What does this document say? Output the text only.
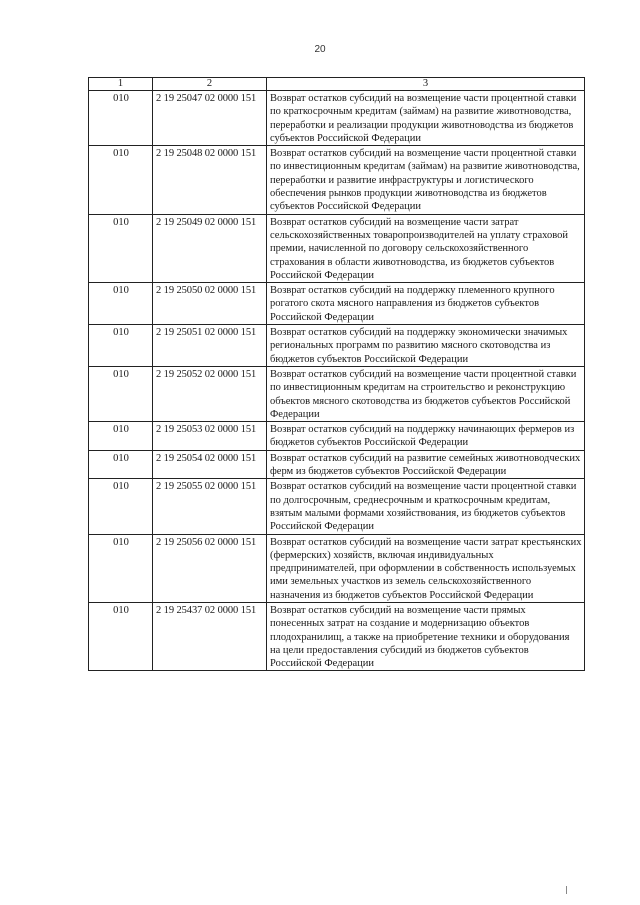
20
1	2	3
010	2 19 25047 02 0000 151	Возврат остатков субсидий на возмещение части процентной ставки по краткосрочным кредитам (займам) на развитие животноводства, переработки и реализации продукции животноводства из бюджетов субъектов Российской Федерации
010	2 19 25048 02 0000 151	Возврат остатков субсидий на возмещение части процентной ставки по инвестиционным кредитам (займам) на развитие животноводства, переработки и развитие инфраструктуры и логистического обеспечения рынков продукции животноводства из бюджетов субъектов Российской Федерации
010	2 19 25049 02 0000 151	Возврат остатков субсидий на возмещение части затрат сельскохозяйственных товаропроизводителей на уплату страховой премии, начисленной по договору сельскохозяйственного страхования в области животноводства, из бюджетов субъектов Российской Федерации
010	2 19 25050 02 0000 151	Возврат остатков субсидий на поддержку племенного крупного рогатого скота мясного направления из бюджетов субъектов Российской Федерации
010	2 19 25051 02 0000 151	Возврат остатков субсидий на поддержку экономически значимых региональных программ по развитию мясного скотоводства из бюджетов субъектов Российской Федерации
010	2 19 25052 02 0000 151	Возврат остатков субсидий на возмещение части процентной ставки по инвестиционным кредитам на строительство и реконструкцию объектов мясного скотоводства из бюджетов субъектов Российской Федерации
010	2 19 25053 02 0000 151	Возврат остатков субсидий на поддержку начинающих фермеров из бюджетов субъектов Российской Федерации
010	2 19 25054 02 0000 151	Возврат остатков субсидий на развитие семейных животноводческих ферм из бюджетов субъектов Российской Федерации
010	2 19 25055 02 0000 151	Возврат остатков субсидий на возмещение части процентной ставки по долгосрочным, среднесрочным и краткосрочным кредитам, взятым малыми формами хозяйствования, из бюджетов субъектов Российской Федерации
010	2 19 25056 02 0000 151	Возврат остатков субсидий на возмещение части затрат крестьянских (фермерских) хозяйств, включая индивидуальных предпринимателей, при оформлении в собственность используемых ими земельных участков из земель сельскохозяйственного назначения из бюджетов субъектов Российской Федерации
010	2 19 25437 02 0000 151	Возврат остатков субсидий на возмещение части прямых понесенных затрат на создание и модернизацию объектов плодохранилищ, а также на приобретение техники и оборудования на цели предоставления субсидий из бюджетов субъектов Российской Федерации
